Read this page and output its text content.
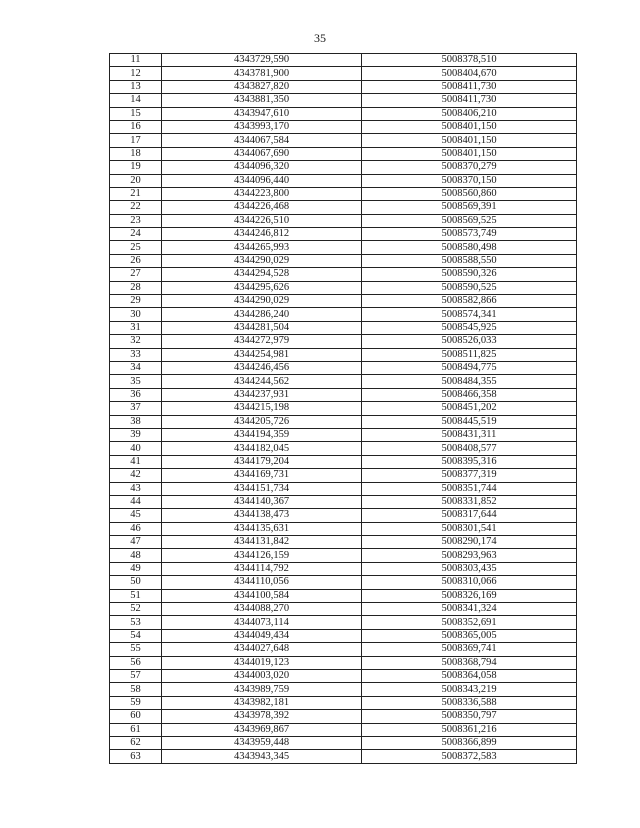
35
11	4343729,590	5008378,510
12	4343781,900	5008404,670
13	4343827,820	5008411,730
14	4343881,350	5008411,730
15	4343947,610	5008406,210
16	4343993,170	5008401,150
17	4344067,584	5008401,150
18	4344067,690	5008401,150
19	4344096,320	5008370,279
20	4344096,440	5008370,150
21	4344223,800	5008560,860
22	4344226,468	5008569,391
23	4344226,510	5008569,525
24	4344246,812	5008573,749
25	4344265,993	5008580,498
26	4344290,029	5008588,550
27	4344294,528	5008590,326
28	4344295,626	5008590,525
29	4344290,029	5008582,866
30	4344286,240	5008574,341
31	4344281,504	5008545,925
32	4344272,979	5008526,033
33	4344254,981	5008511,825
34	4344246,456	5008494,775
35	4344244,562	5008484,355
36	4344237,931	5008466,358
37	4344215,198	5008451,202
38	4344205,726	5008445,519
39	4344194,359	5008431,311
40	4344182,045	5008408,577
41	4344179,204	5008395,316
42	4344169,731	5008377,319
43	4344151,734	5008351,744
44	4344140,367	5008331,852
45	4344138,473	5008317,644
46	4344135,631	5008301,541
47	4344131,842	5008290,174
48	4344126,159	5008293,963
49	4344114,792	5008303,435
50	4344110,056	5008310,066
51	4344100,584	5008326,169
52	4344088,270	5008341,324
53	4344073,114	5008352,691
54	4344049,434	5008365,005
55	4344027,648	5008369,741
56	4344019,123	5008368,794
57	4344003,020	5008364,058
58	4343989,759	5008343,219
59	4343982,181	5008336,588
60	4343978,392	5008350,797
61	4343969,867	5008361,216
62	4343959,448	5008366,899
63	4343943,345	5008372,583
